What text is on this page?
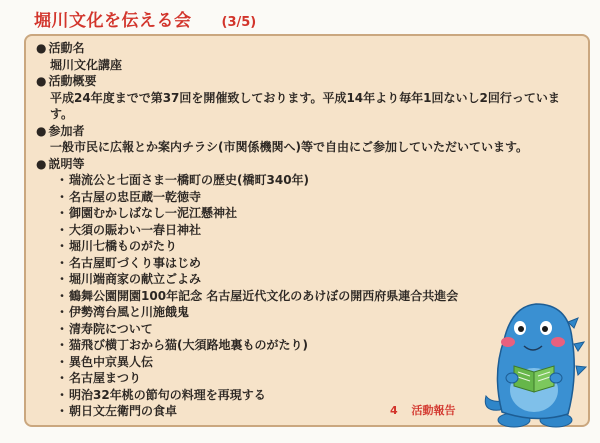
堀川文化を伝える会 (3/5)
● 活動名
堀川文化講座
● 活動概要
平成24年度までで第37回を開催致しております。平成14年より毎年1回ないし2回行っています。
● 参加者
一般市民に広報とか案内チラシ(市関係機関へ)等で自由にご参加していただいています。
● 説明等
・ 瑞流公と七面さま一橋町の歴史(橋町340年)
・ 名古屋の忠臣蔵一乾徳寺
・ 御園むかしばなし一泥江懸神社
・ 大須の賑わい一春日神社
・ 堀川七橋ものがたり
・ 名古屋町づくり事はじめ
・ 堀川端商家の献立ごよみ
・ 鶴舞公園開園100年記念 名古屋近代文化のあけぼの開西府県連合共進会
・ 伊勢湾台風と川施餓鬼
・ 清寿院について
・ 猫飛び横丁おから猫(大須路地裏ものがたり)
・ 異色中京異人伝
・ 名古屋まつり
・ 明治32年桃の節句の料理を再現する
・ 朝日文左衛門の食卓	4 活動報告
